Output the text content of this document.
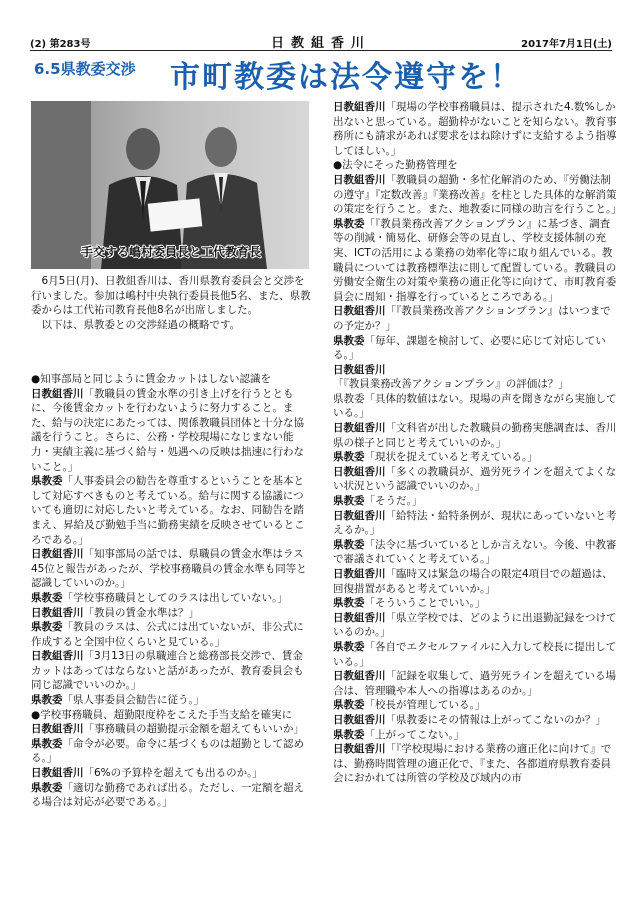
(2) 第283号	日教組香川	2017年7月1日(土)
6.5県教委交渉 市町教委は法令遵守を！
手交する嶋村委員長と工代教育長

6月5日(月)、日教組香川は、香川県教育委員会と交渉を行いました。参加は嶋村中央執行委員長他5名、また、県教委からは工代祐司教育長他8名が出席しました。

以下は、県教委との交渉経過の概略です。

●知事部局と同じように賃金カットはしない認識を

日教組香川「教職員の賃金水準の引き上げを行うとともに、今後賃金カットを行わないように努力すること。また、給与の決定にあたっては、関係教職員団体と十分な協議を行うこと。さらに、公務・学校現場になじまない能力・実績主義に基づく給与・処遇への反映は拙速に行わないこと。」

県教委「人事委員会の勧告を尊重するということを基本として対応すべきものと考えている。給与に関する協議についても適切に対応したいと考えている。なお、同勧告を踏まえ、昇給及び勤勉手当に勤務実績を反映させているところである。」

日教組香川「知事部局の話では、県職員の賃金水準はラス45位と報告があったが、学校事務職員の賃金水準も同等と認識していいのか。」

県教委「学校事務職員としてのラスは出していない。」

日教組香川「教員の賃金水準は？」

県教委「教員のラスは、公式には出ていないが、非公式に作成すると全国中位くらいと見ている。」

日教組香川「3月13日の県職連合と総務部長交渉で、賃金カットはあってはならないと話があったが、教育委員会も同じ認識でいいのか。」

県教委「県人事委員会勧告に従う。」

●学校事務職員、超勤限度枠をこえた手当支給を確実に

日教組香川「事務職員の超勤提示金額を超えてもいいか」

県教委「命令が必要。命令に基づくものは超勤として認める。」

日教組香川「6%の予算枠を超えても出るのか。」

県教委「適切な勤務であれば出る。ただし、一定額を超える場合は対応が必要である。」

日教組香川「現場の学校事務職員は、提示された4.数%しか出ないと思っている。超勤枠がないことを知らない。教育事務所にも請求があれば要求をはね除けずに支給するよう指導してほしい。」

●法令にそった勤務管理を

日教組香川「教職員の超勤・多忙化解消のため、『労働法制の遵守』『定数改善』『業務改善』を柱とした具体的な解消策の策定を行うこと。また、地教委に同様の助言を行うこと。」

県教委「『教員業務改善アクションプラン』に基づき、調査等の削減・簡易化、研修会等の見直し、学校支援体制の充実、ICTの活用による業務の効率化等に取り組んでいる。教職員については教務標準法に則して配置している。教職員の労働安全衛生の対策や業務の適正化等に向けて、市町教育委員会に周知・指導を行っているところである。」

日教組香川「『教員業務改善アクションプラン』はいつまでの予定か？」

県教委「毎年、課題を検討して、必要に応じて対応している。」

日教組香川「『教員業務改善アクションプラン』の評価は？」

県教委「具体的数値はない。現場の声を聞きながら実施している。」

日教組香川「文科省が出した教職員の勤務実態調査は、香川県の様子と同じと考えていいのか。」

県教委「現状を捉えていると考えている。」

日教組香川「多くの教職員が、過労死ラインを超えてよくない状況という認識でいいのか。」

県教委「そうだ。」

日教組香川「給特法・給特条例が、現状にあっていないと考えるか。」

県教委「法令に基づいているとしか言えない。今後、中教審で審議されていくと考えている。」

日教組香川「臨時又は緊急の場合の限定4項目での超過は、回復措置があると考えていいか。」

県教委「そういうことでいい。」

日教組香川「県立学校では、どのように出退勤記録をつけているのか。」

県教委「各自でエクセルファイルに入力して校長に提出している。」

日教組香川「記録を収集して、過労死ラインを超えている場合は、管理職や本人への指導はあるのか。」

県教委「校長が管理している。」

日教組香川「県教委にその情報は上がってこないのか？」

県教委「上がってこない。」

日教組香川「『学校現場における業務の適正化に向けて』では、勤務時間管理の適正化で、『また、各都道府県教育委員会におかれては所管の学校及び域内の市
